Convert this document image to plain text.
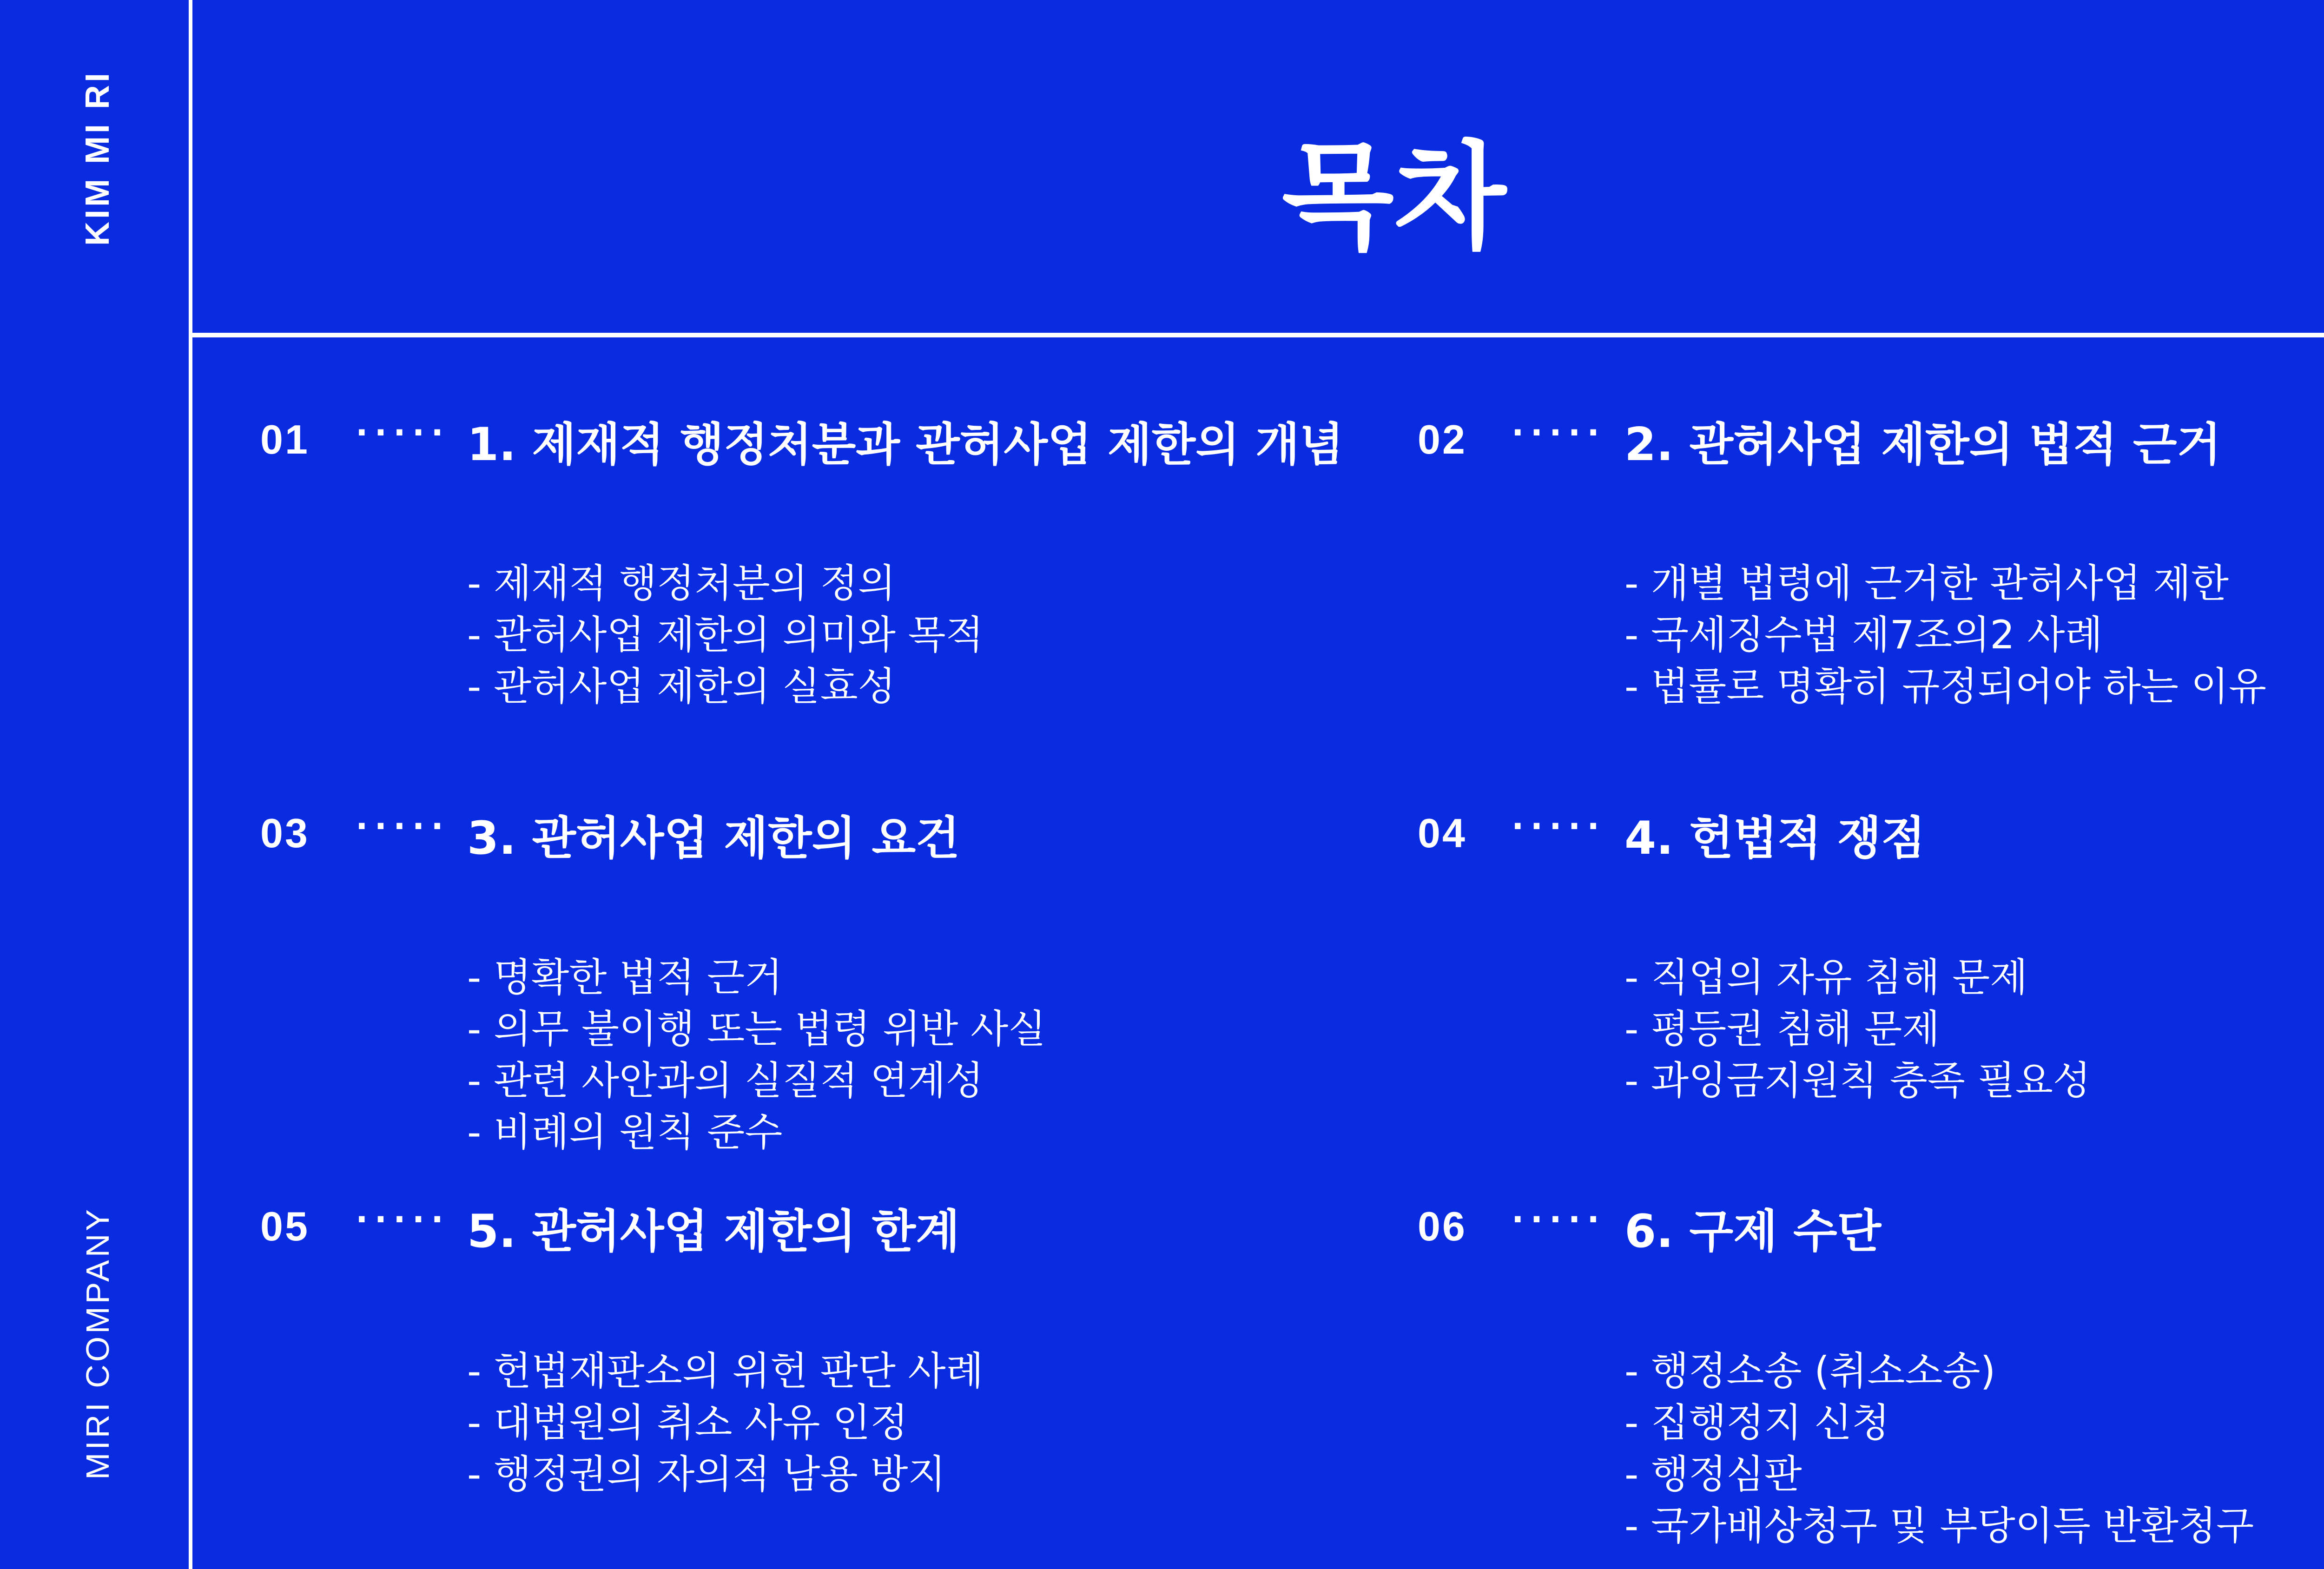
KIM MI RI
MIRI COMPANY
목차
01 ····· 1. 제재적 행정처분과 관허사업 제한의 개념
- 제재적 행정처분의 정의
- 관허사업 제한의 의미와 목적
- 관허사업 제한의 실효성
02 ····· 2. 관허사업 제한의 법적 근거
- 개별 법령에 근거한 관허사업 제한
- 국세징수법 제7조의2 사례
- 법률로 명확히 규정되어야 하는 이유
03 ····· 3. 관허사업 제한의 요건
- 명확한 법적 근거
- 의무 불이행 또는 법령 위반 사실
- 관련 사안과의 실질적 연계성
- 비례의 원칙 준수
04 ····· 4. 헌법적 쟁점
- 직업의 자유 침해 문제
- 평등권 침해 문제
- 과잉금지원칙 충족 필요성
05 ····· 5. 관허사업 제한의 한계
- 헌법재판소의 위헌 판단 사례
- 대법원의 취소 사유 인정
- 행정권의 자의적 남용 방지
06 ····· 6. 구제 수단
- 행정소송 (취소소송)
- 집행정지 신청
- 행정심판
- 국가배상청구 및 부당이득 반환청구
